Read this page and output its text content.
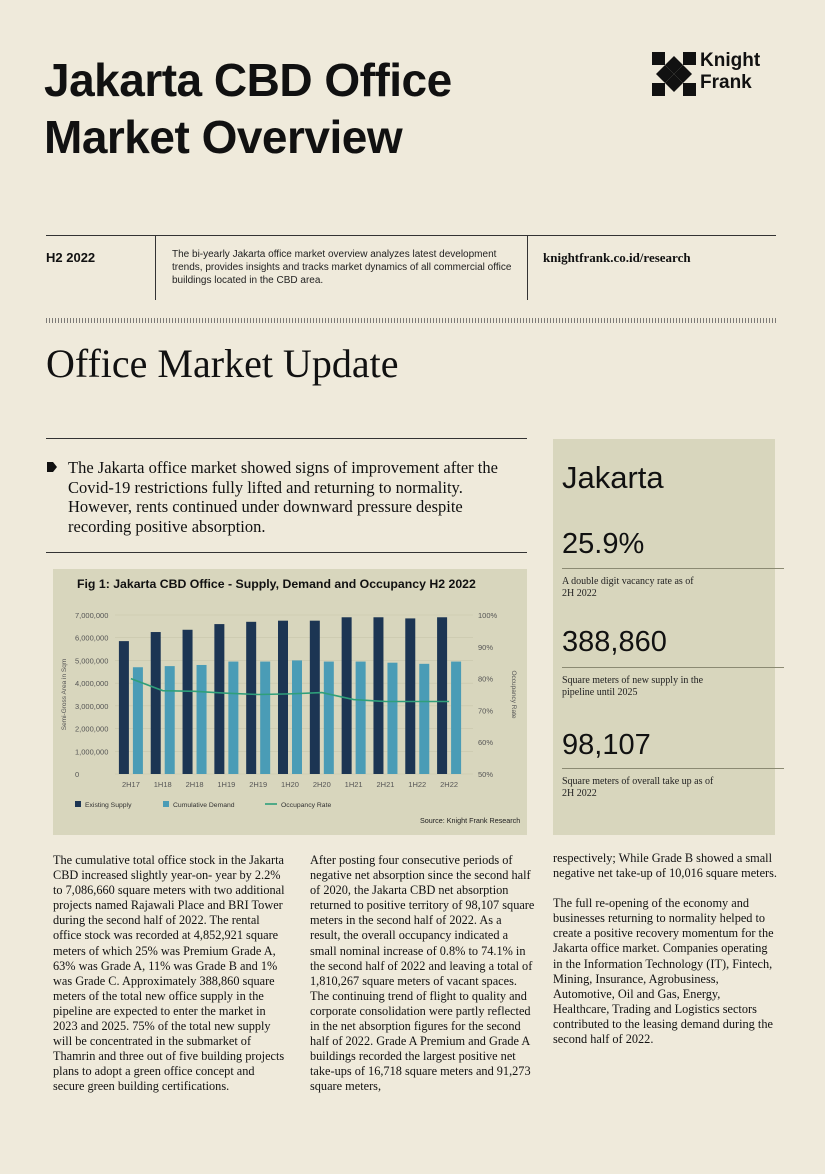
Jakarta CBD Office
Market Overview
Knight
Frank
H2 2022	The bi-yearly Jakarta office market overview analyzes latest development trends, provides insights and tracks market dynamics of all commercial office buildings located in the CBD area.
knightfrank.co.id/research
Office Market Update
The Jakarta office market showed signs of improvement after the Covid-19 restrictions fully lifted and returning to normality. However, rents continued under downward pressure despite recording positive absorption.
Jakarta
25.9%
A double digit vacancy rate as of 2H 2022
388,860
Square meters of new supply in the pipeline until 2025
98,107
Square meters of overall take up as of 2H 2022
Fig 1: Jakarta CBD Office - Supply, Demand and Occupancy H2 2022
7,000,000
6,000,000
5,000,000
4,000,000
3,000,000
2,000,000
1,000,000
0
100%
90%
80%
70%
60%
50%
Semi-Gross Area in Sqm	Occupancy Rate
2H17 1H18 2H18 1H19 2H19 1H20 2H20 1H21 2H21 1H22 2H22
Existing Supply	Cumulative Demand	Occupancy Rate
Source: Knight Frank Research

The cumulative total office stock in the Jakarta CBD increased slightly year-on- year by 2.2% to 7,086,660 square meters with two additional projects named Rajawali Place and BRI Tower during the second half of 2022. The rental office stock was recorded at 4,852,921 square meters of which 25% was Premium Grade A, 63% was Grade A, 11% was Grade B and 1% was Grade C. Approximately 388,860 square meters of the total new office supply in the pipeline are expected to enter the market in 2023 and 2025. 75% of the total new supply will be concentrated in the submarket of Thamrin and three out of five building projects plans to adopt a green office concept and secure green building certifications.

After posting four consecutive periods of negative net absorption since the second half of 2020, the Jakarta CBD net absorption returned to positive territory of 98,107 square meters in the second half of 2022. As a result, the overall occupancy indicated a small nominal increase of 0.8% to 74.1% in the second half of 2022 and leaving a total of 1,810,267 square meters of vacant spaces. The continuing trend of flight to quality and corporate consolidation were partly reflected in the net absorption figures for the second half of 2022. Grade A Premium and Grade A buildings recorded the largest positive net take-ups of 16,718 square meters and 91,273 square meters,

respectively; While Grade B showed a small negative net take-up of 10,016 square meters.

The full re-opening of the economy and businesses returning to normality helped to create a positive recovery momentum for the Jakarta office market. Companies operating in the Information Technology (IT), Fintech, Mining, Insurance, Agrobusiness, Automotive, Oil and Gas, Energy, Healthcare, Trading and Logistics sectors contributed to the leasing demand during the second half of 2022.
